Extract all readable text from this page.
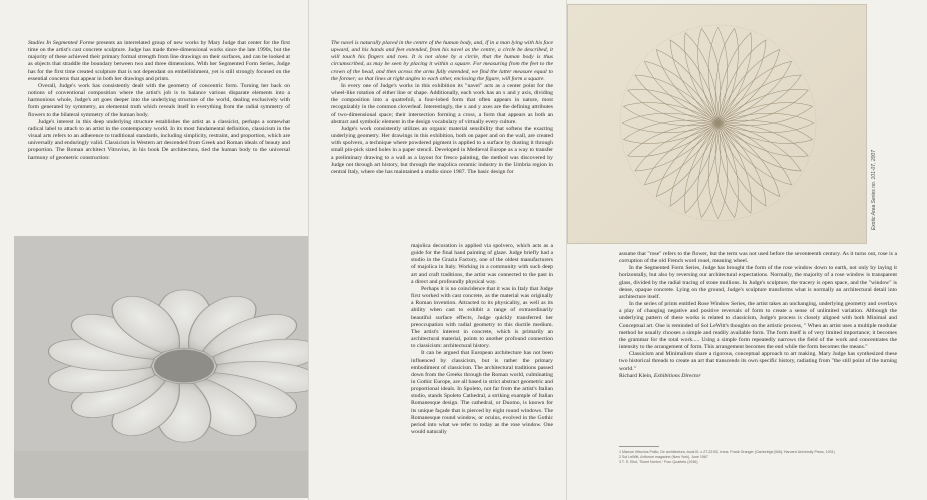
Studies In Segmented Forme presents an interrelated group of new works by Mary Judge that center for the first time on the artist's cast concrete sculpture. Judge has made three-dimensional works since the late 1990s, but the majority of these achieved their primary formal strength from line drawings on their surfaces, and can be looked at as objects that straddle the boundary between two and three dimensions. With her Segmented Form Series, Judge has for the first time created sculpture that is not dependant on embellishment, yet is still strongly focused on the essential concerns that appear in both her drawings and prints.

Overall, Judge's work has consistently dealt with the geometry of concentric form. Turning her back on notions of conventional composition where the artist's job is to balance various disparate elements into a harmonious whole, Judge's art goes deeper into the underlying structure of the world, dealing exclusively with form generated by symmetry, an elemental truth which reveals itself in everything from the radial symmetry of flowers to the bilateral symmetry of the human body.

Judge's interest in this deep underlying structure establishes the artist as a classicist, perhaps a somewhat radical label to attach to an artist in the contemporary world. In its most fundamental definition, classicism in the visual arts refers to an adherence to traditional standards, including simplicity, restraint, and proportion, which are universally and enduringly valid. Classicism in Western art descended from Greek and Roman ideals of beauty and proportion. The Roman architect Vitruvius, in his book De architectura, tied the human body to the universal harmony of geometric construction:

The navel is naturally placed in the centre of the human body, and, if in a man lying with his face upward, and his hands and feet extended, from his navel as the centre, a circle be described, it will touch his fingers and toes. It is not alone by a circle, that the human body is thus circumscribed, as may be seen by placing it within a square. For measuring from the feet to the crown of the head, and then across the arms fully extended, we find the latter measure equal to the former; so that lines at right angles to each other, enclosing the figure, will form a square.

In every one of Judge's works in this exhibition its "navel" acts as a center point for the wheel-like rotation of either line or shape. Additionally, each work has an x and y axis, dividing the composition into a quatrefoil, a four-lobed form that often appears in nature, most recognizably in the common cloverleaf. Interestingly, the x and y axes are the defining attributes of two-dimensional space; their intersection forming a cross, a form that appears as both an abstract and symbolic element in the design vocabulary of virtually every culture.

Judge's work consistently utilizes an organic material sensibility that softens the exacting underlying geometry. Her drawings in this exhibition, both on paper and on the wall, are created with spolvero, a technique where powdered pigment is applied to a surface by dusting it through small pin-pick sized holes in a paper stencil. Developed in Medieval Europe as a way to transfer a preliminary drawing to a wall as a layout for fresco painting, the method was discovered by Judge not through art history, but through the majolica ceramic industry in the Umbria region in central Italy, where she has maintained a studio since 1987. The basic design for

majolica decoration is applied via spolvero, which acts as a guide for the final hand painting of glaze. Judge briefly had a studio in the Grazia Factory, one of the oldest manufacturers of majolica in Italy. Working in a community with such deep art and craft traditions, the artist was connected to the past in a direct and profoundly physical way.

Perhaps it is no coincidence that it was in Italy that Judge first worked with cast concrete, as the material was originally a Roman invention. Attracted to its physicality, as well as its ability when cast to exhibit a range of extraordinarily beautiful surface effects, Judge quickly transferred her preoccupation with radial geometry to this ductile medium. The artist's interest in concrete, which is primarily an architectural material, points to another profound connection to classicism: architectural history.

It can be argued that European architecture has not been influenced by classicism, but is rather the primary embodiment of classicism. The architectural traditions passed down from the Greeks through the Roman world, culminating in Gothic Europe, are all based in strict abstract geometric and proportional ideals. In Spoleto, not far from the artist's Italian studio, stands Spoleto Cathedral, a striking example of Italian Romanesque design. The cathedral, or Duomo, is known for its unique façade that is pierced by eight round windows. The Romanesque round window, or oculus, evolved in the Gothic period into what we refer to today as the rose window. One would naturally

Exotic Area Series no. 101-07, 2007

assume that "rose" refers to the flower, but the term was not used before the seventeenth century. As it turns out, rose is a corruption of the old French word rouel, meaning wheel.

In the Segmented Form Series, Judge has brought the form of the rose window down to earth, not only by laying it horizontally, but also by reversing our architectural expectations. Normally, the majority of a rose window is transparent glass, divided by the radial tracing of stone mullions. In Judge's sculpture, the tracery is open space, and the "window" is dense, opaque concrete. Lying on the ground, Judge's sculpture transforms what is normally an architectural detail into architecture itself.

In the series of prints entitled Rose Window Series, the artist takes an unchanging, underlying geometry and overlays a play of changing negative and positive reversals of form to create a sense of unlimited variation. Although the underlying pattern of these works is related to classicism, Judge's process is closely aligned with both Minimal and Conceptual art. One is reminded of Sol LeWitt's thoughts on the artistic process, " When an artist uses a multiple modular method he usually chooses a simple and readily available form. The form itself is of very limited importance; it becomes the grammar for the total work..... Using a simple form repeatedly narrows the field of the work and concentrates the intensity to the arrangement of form. This arrangement becomes the end while the form becomes the means."

Classicism and Minimalism share a rigorous, conceptual approach to art making. Mary Judge has synthesized these two historical threads to create an art that transcends its own specific history, radiating from "the still point of the turning world."

Richard Klein, Exhibitions Director

1 Marcus Vitruvius Pollio, De architectura, book III, c.27-23 BC, trans. Frank Granger (Cambridge [MA]: Harvard University Press, 1931)
2 Sol LeWitt, Artforum magazine (New York), June 1967
3 T. S. Eliot, "Burnt Norton," Four Quartets (1936)
